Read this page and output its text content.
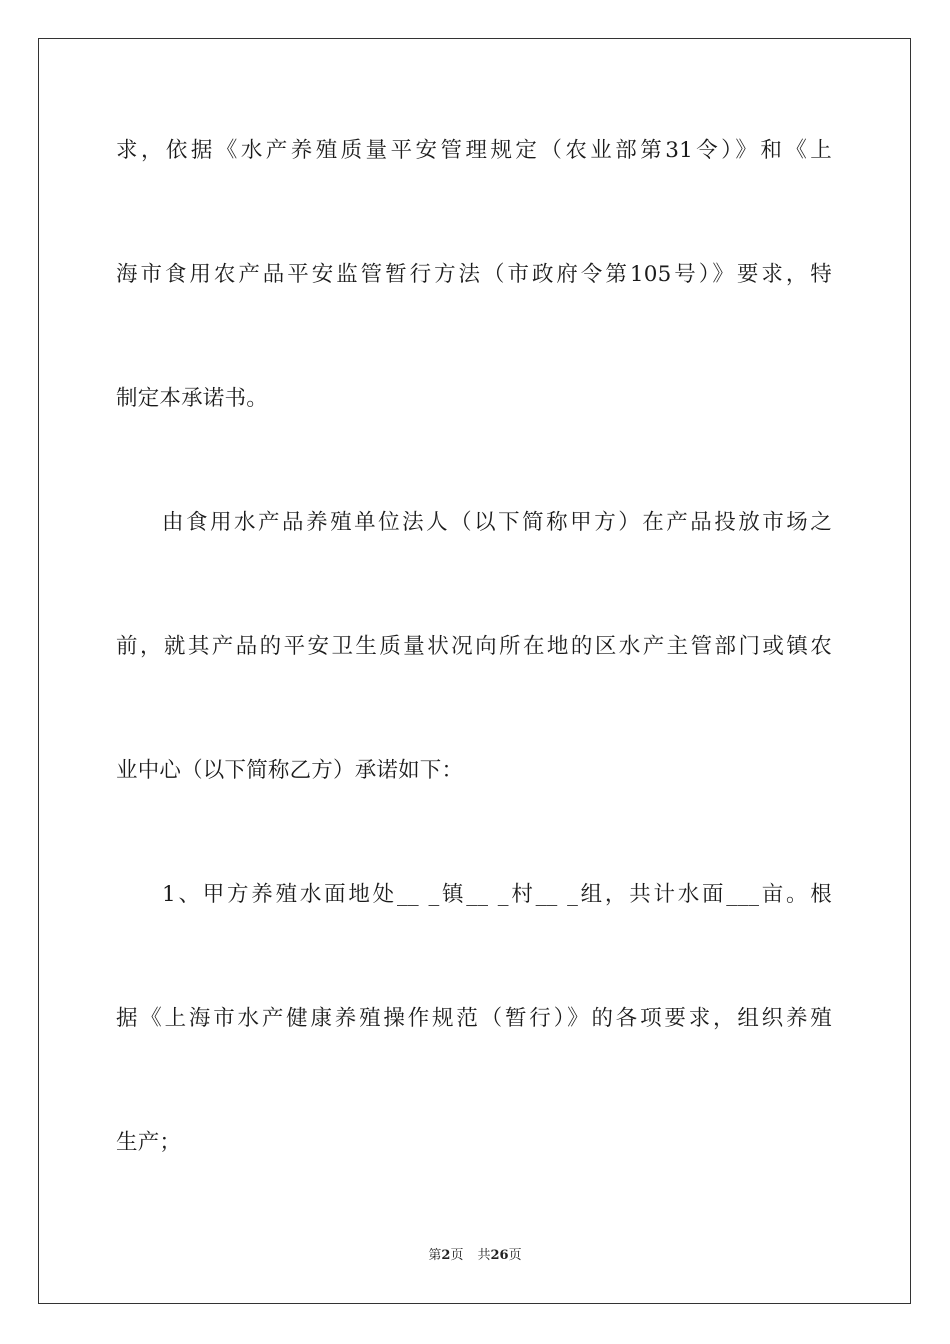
求，依据《水产养殖质量平安管理规定（农业部第31令）》和《上
海市食用农产品平安监管暂行方法（市政府令第105号）》要求，特
制定本承诺书。
由食用水产品养殖单位法人（以下简称甲方）在产品投放市场之
前，就其产品的平安卫生质量状况向所在地的区水产主管部门或镇农
业中心（以下简称乙方）承诺如下：
1、甲方养殖水面地处__ _镇__ _村__ _组，共计水面___亩。根
据《上海市水产健康养殖操作规范（暂行）》的各项要求，组织养殖
生产；
第2页 共26页
